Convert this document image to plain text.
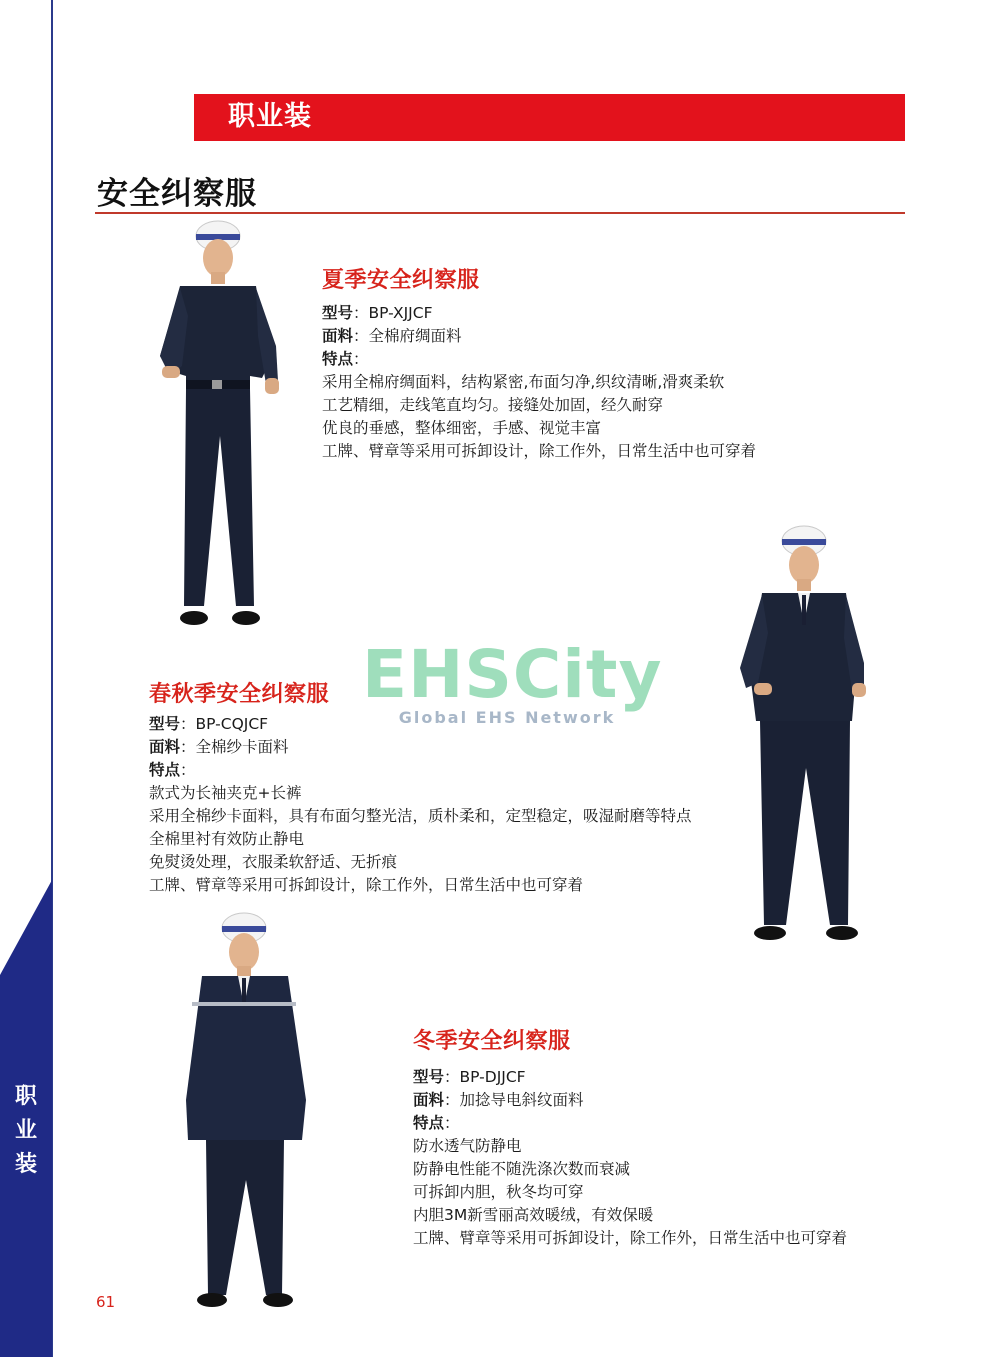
职
业
装
职业装
安全纠察服
夏季安全纠察服
型号：BP-XJJCF
面料：全棉府绸面料
特点：
采用全棉府绸面料，结构紧密,布面匀净,织纹清晰,滑爽柔软
工艺精细，走线笔直均匀。接缝处加固，经久耐穿
优良的垂感，整体细密，手感、视觉丰富
工牌、臂章等采用可拆卸设计，除工作外，日常生活中也可穿着
EHSCity
Global EHS Network
春秋季安全纠察服
型号：BP-CQJCF
面料：全棉纱卡面料
特点：
款式为长袖夹克+长裤
采用全棉纱卡面料，具有布面匀整光洁，质朴柔和，定型稳定，吸湿耐磨等特点
全棉里衬有效防止静电
免熨烫处理，衣服柔软舒适、无折痕
工牌、臂章等采用可拆卸设计，除工作外，日常生活中也可穿着
冬季安全纠察服
型号：BP-DJJCF
面料：加捻导电斜纹面料
特点：
防水透气防静电
防静电性能不随洗涤次数而衰减
可拆卸内胆，秋冬均可穿
内胆3M新雪丽高效暖绒，有效保暖
工牌、臂章等采用可拆卸设计，除工作外，日常生活中也可穿着
61
